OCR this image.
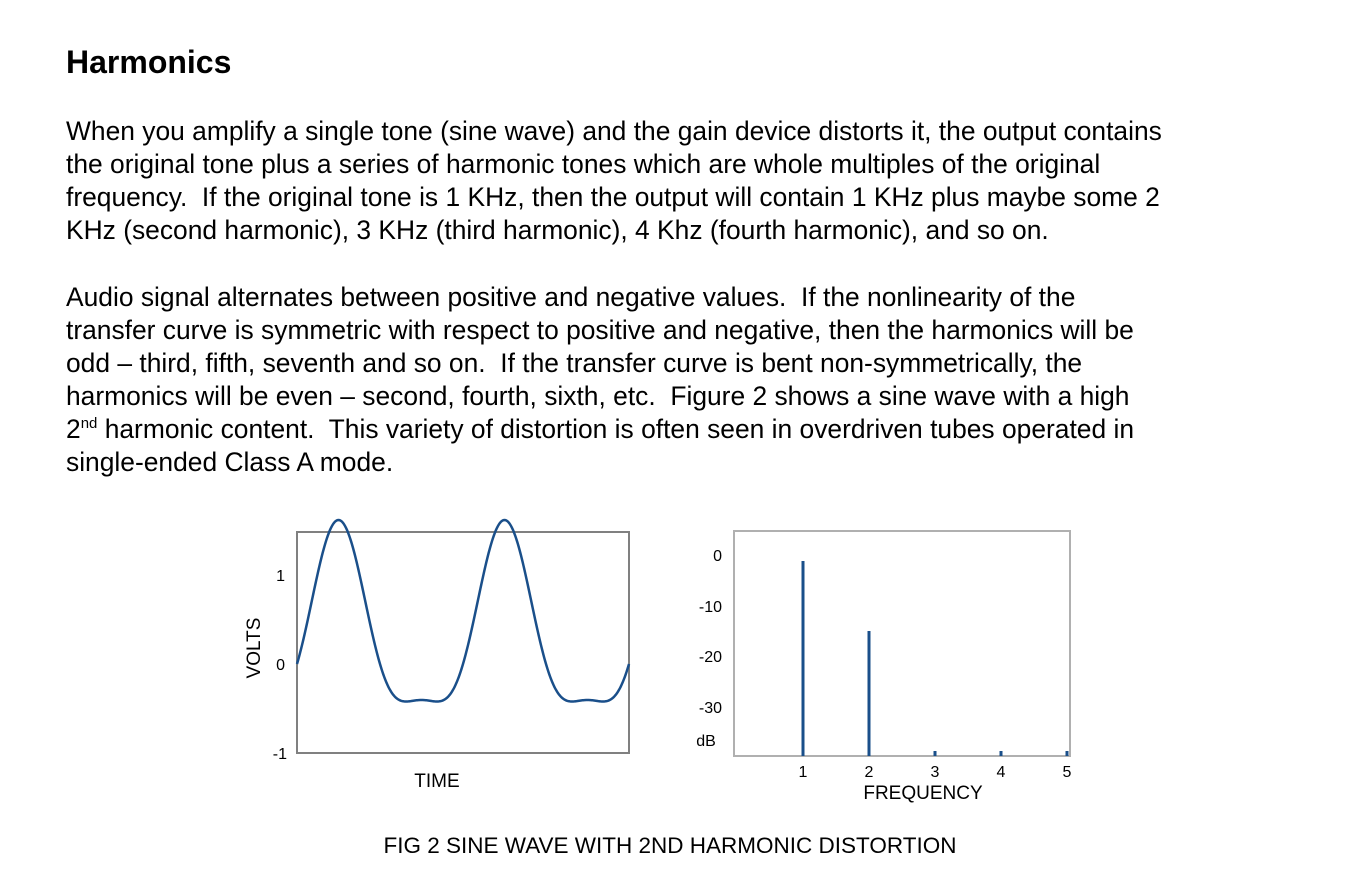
Harmonics

When you amplify a single tone (sine wave) and the gain device distorts it, the output contains
the original tone plus a series of harmonic tones which are whole multiples of the original
frequency.  If the original tone is 1 KHz, then the output will contain 1 KHz plus maybe some 2
KHz (second harmonic), 3 KHz (third harmonic), 4 Khz (fourth harmonic), and so on.

Audio signal alternates between positive and negative values.  If the nonlinearity of the
transfer curve is symmetric with respect to positive and negative, then the harmonics will be
odd – third, fifth, seventh and so on.  If the transfer curve is bent non-symmetrically, the
harmonics will be even – second, fourth, sixth, etc.  Figure 2 shows a sine wave with a high
2nd harmonic content.  This variety of distortion is often seen in overdriven tubes operated in
single-ended Class A mode.

1
0
-1
VOLTS
TIME
0
-10
-20
-30
dB
1	2	3	4	5
FREQUENCY
FIG 2 SINE WAVE WITH 2ND HARMONIC DISTORTION
